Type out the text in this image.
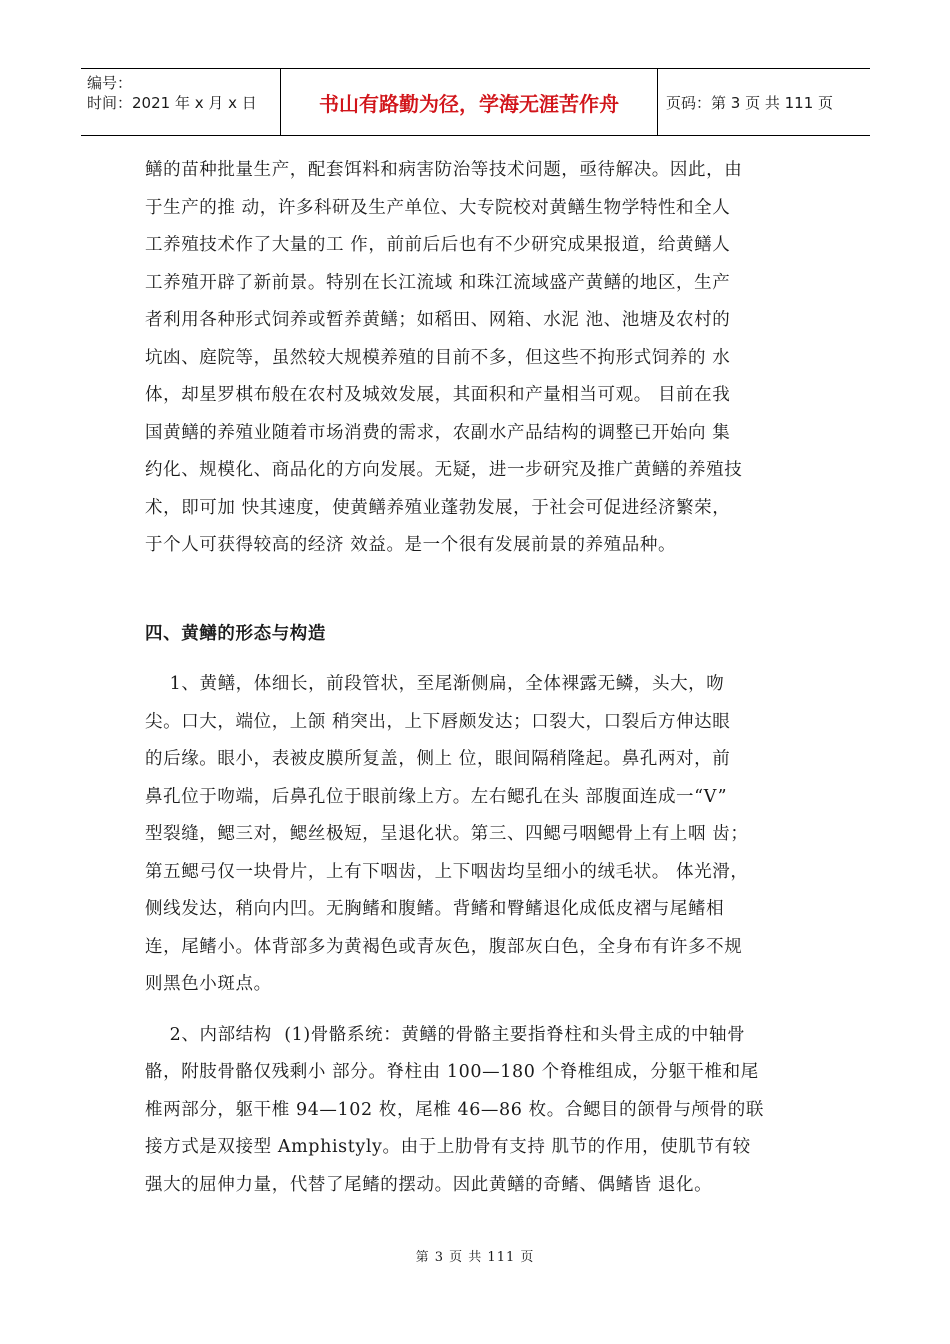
编号：
时间：2021 年 x 月 x 日	书山有路勤为径，学海无涯苦作舟	页码：第 3 页 共 111 页
鳝的苗种批量生产，配套饵料和病害防治等技术问题，亟待解决。因此，由
于生产的推 动，许多科研及生产单位、大专院校对黄鳝生物学特性和全人
工养殖技术作了大量的工 作，前前后后也有不少研究成果报道，给黄鳝人
工养殖开辟了新前景。特别在长江流域 和珠江流域盛产黄鳝的地区，生产
者利用各种形式饲养或暂养黄鳝；如稻田、网箱、水泥 池、池塘及农村的
坑凼、庭院等，虽然较大规模养殖的目前不多，但这些不拘形式饲养的 水
体，却星罗棋布般在农村及城效发展，其面积和产量相当可观。 目前在我
国黄鳝的养殖业随着市场消费的需求，农副水产品结构的调整已开始向 集
约化、规模化、商品化的方向发展。无疑，进一步研究及推广黄鳝的养殖技
术，即可加 快其速度，使黄鳝养殖业蓬勃发展，于社会可促进经济繁荣，
于个人可获得较高的经济 效益。是一个很有发展前景的养殖品种。
四、黄鳝的形态与构造
1、黄鳝，体细长，前段管状，至尾渐侧扁，全体裸露无鳞，头大，吻
尖。口大，端位，上颌 稍突出，上下唇颇发达；口裂大，口裂后方伸达眼
的后缘。眼小，表被皮膜所复盖，侧上 位，眼间隔稍隆起。鼻孔两对，前
鼻孔位于吻端，后鼻孔位于眼前缘上方。左右鳃孔在头 部腹面连成一“V”
型裂缝，鳃三对，鳃丝极短，呈退化状。第三、四鳃弓咽鳃骨上有上咽 齿；
第五鳃弓仅一块骨片，上有下咽齿，上下咽齿均呈细小的绒毛状。 体光滑，
侧线发达，稍向内凹。无胸鳍和腹鳍。背鳍和臀鳍退化成低皮褶与尾鳍相
连，尾鳍小。体背部多为黄褐色或青灰色，腹部灰白色，全身布有许多不规
则黑色小斑点。
2、内部结构  (1)骨骼系统：黄鳝的骨骼主要指脊柱和头骨主成的中轴骨
骼，附肢骨骼仅残剩小 部分。脊柱由 100—180 个脊椎组成，分躯干椎和尾
椎两部分，躯干椎 94—102 枚，尾椎 46—86 枚。合鳃目的颌骨与颅骨的联
接方式是双接型 Amphistyly。由于上肋骨有支持 肌节的作用，使肌节有较
强大的屈伸力量，代替了尾鳍的摆动。因此黄鳝的奇鳍、偶鳍皆 退化。
第 3 页 共 111 页
